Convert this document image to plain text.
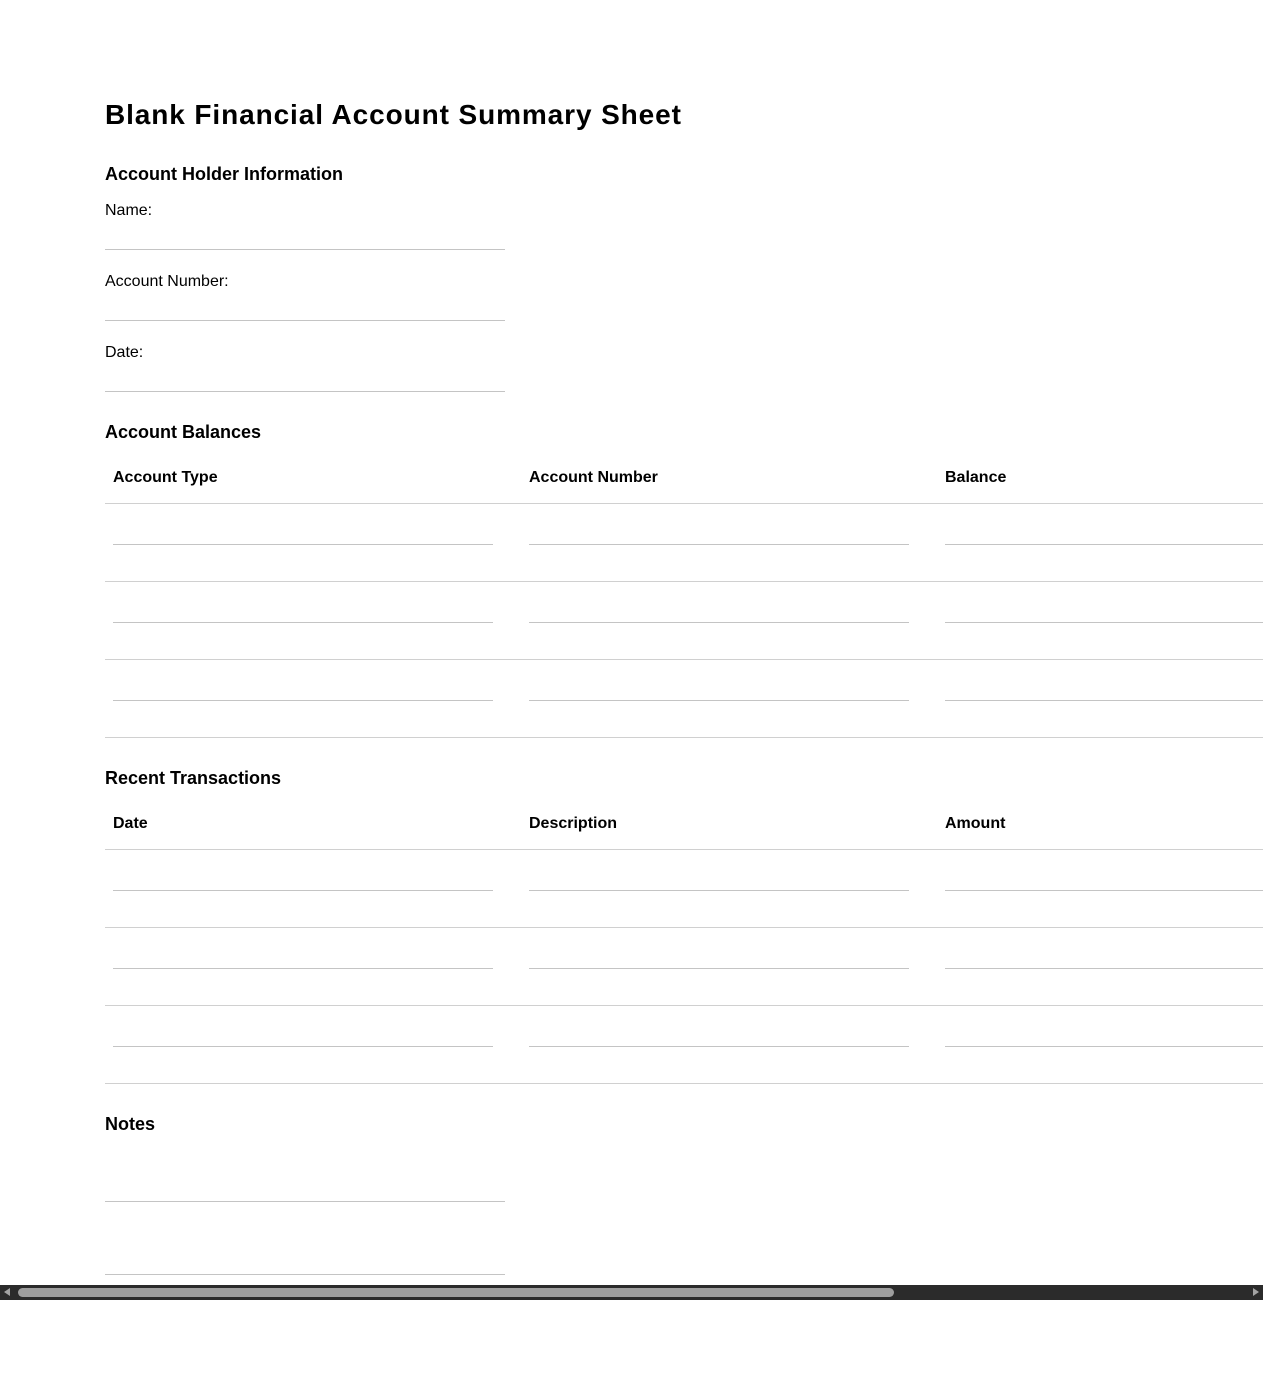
Blank Financial Account Summary Sheet
Account Holder Information
Name:
Account Number:
Date:
Account Balances
Account Type	Account Number	Balance
Recent Transactions
Date	Description	Amount
Notes
